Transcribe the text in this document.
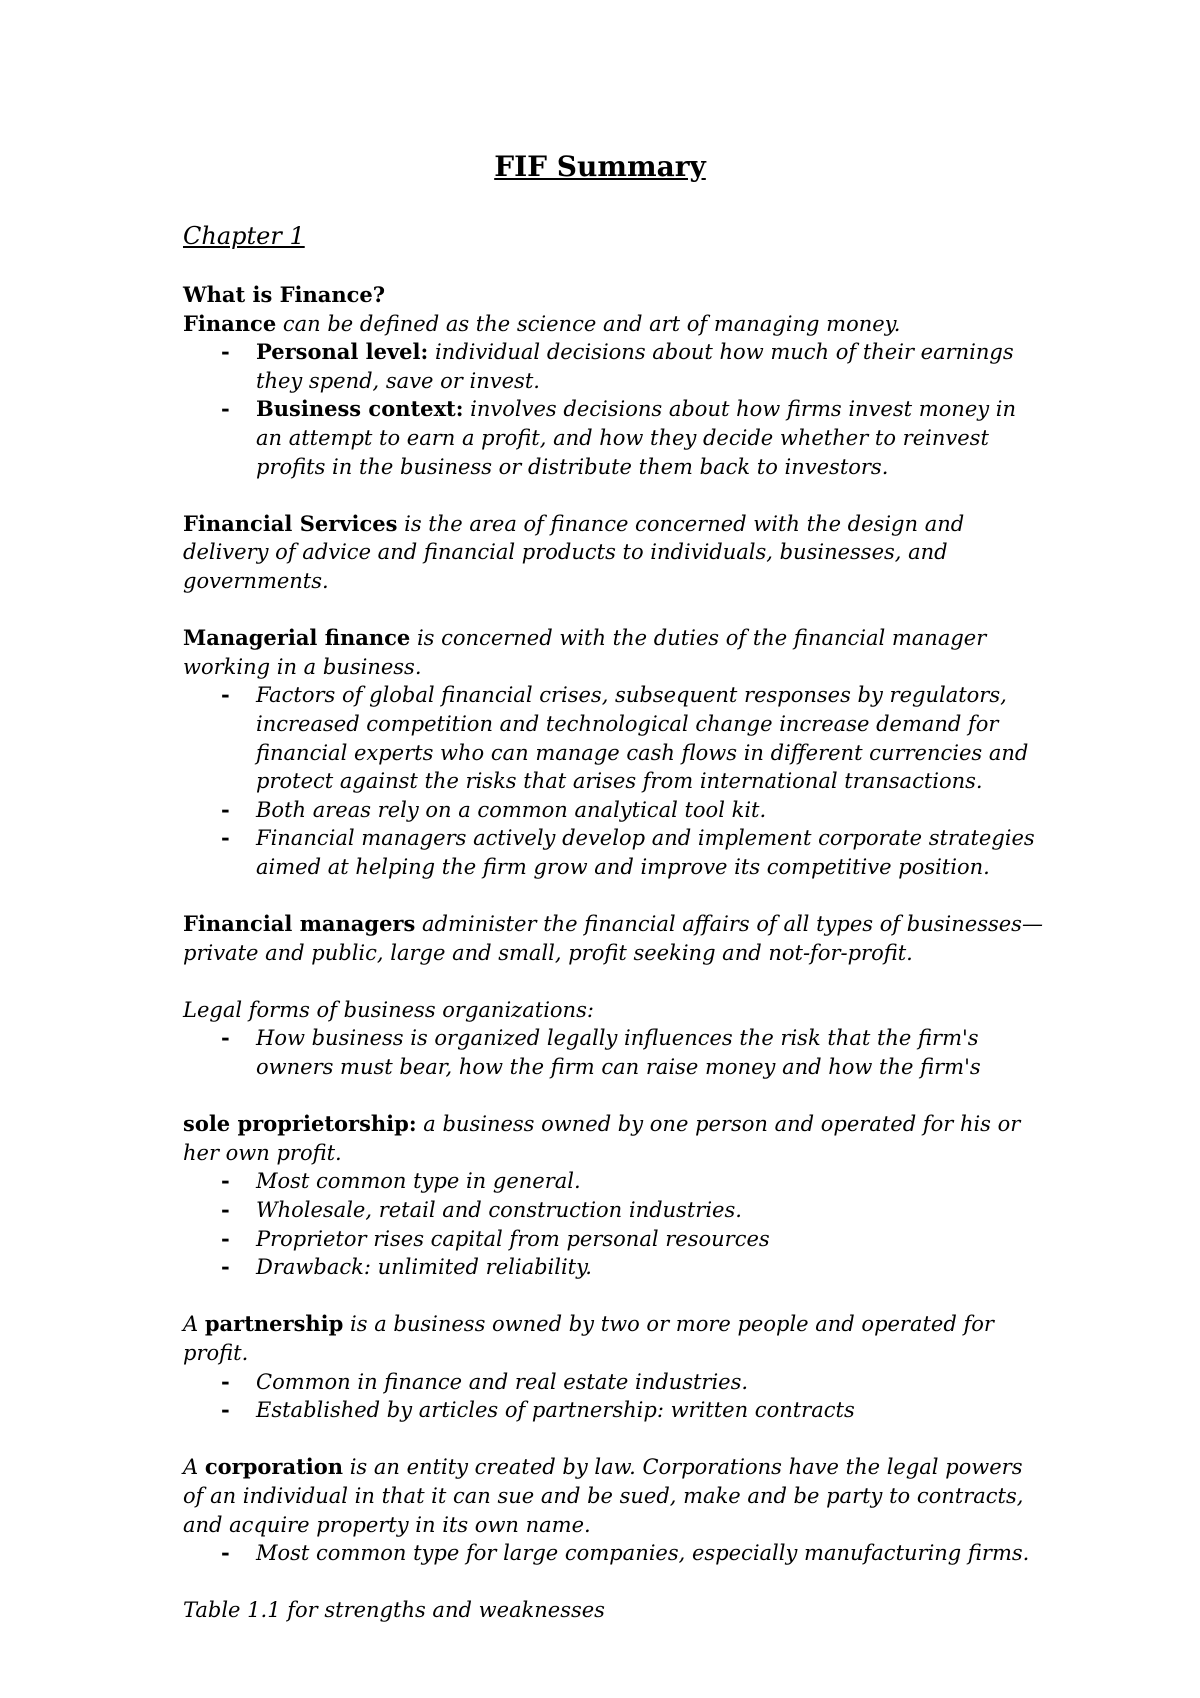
FIF Summary
Chapter 1

What is Finance?

Finance can be defined as the science and art of managing money.

- Personal level: individual decisions about how much of their earnings they spend, save or invest.
- Business context: involves decisions about how firms invest money in an attempt to earn a profit, and how they decide whether to reinvest profits in the business or distribute them back to investors.

Financial Services is the area of finance concerned with the design and delivery of advice and financial products to individuals, businesses, and governments.

Managerial finance is concerned with the duties of the financial manager working in a business.

- Factors of global financial crises, subsequent responses by regulators, increased competition and technological change increase demand for financial experts who can manage cash flows in different currencies and protect against the risks that arises from international transactions.
- Both areas rely on a common analytical tool kit.
- Financial managers actively develop and implement corporate strategies aimed at helping the firm grow and improve its competitive position.

Financial managers administer the financial affairs of all types of businesses—private and public, large and small, profit seeking and not-for-profit.

Legal forms of business organizations:

- How business is organized legally influences the risk that the firm's owners must bear, how the firm can raise money and how the firm's

sole proprietorship: a business owned by one person and operated for his or her own profit.

- Most common type in general.
- Wholesale, retail and construction industries.
- Proprietor rises capital from personal resources
- Drawback: unlimited reliability.

A partnership is a business owned by two or more people and operated for profit.

- Common in finance and real estate industries.
- Established by articles of partnership: written contracts

A corporation is an entity created by law. Corporations have the legal powers of an individual in that it can sue and be sued, make and be party to contracts, and acquire property in its own name.

- Most common type for large companies, especially manufacturing firms.

Table 1.1 for strengths and weaknesses
